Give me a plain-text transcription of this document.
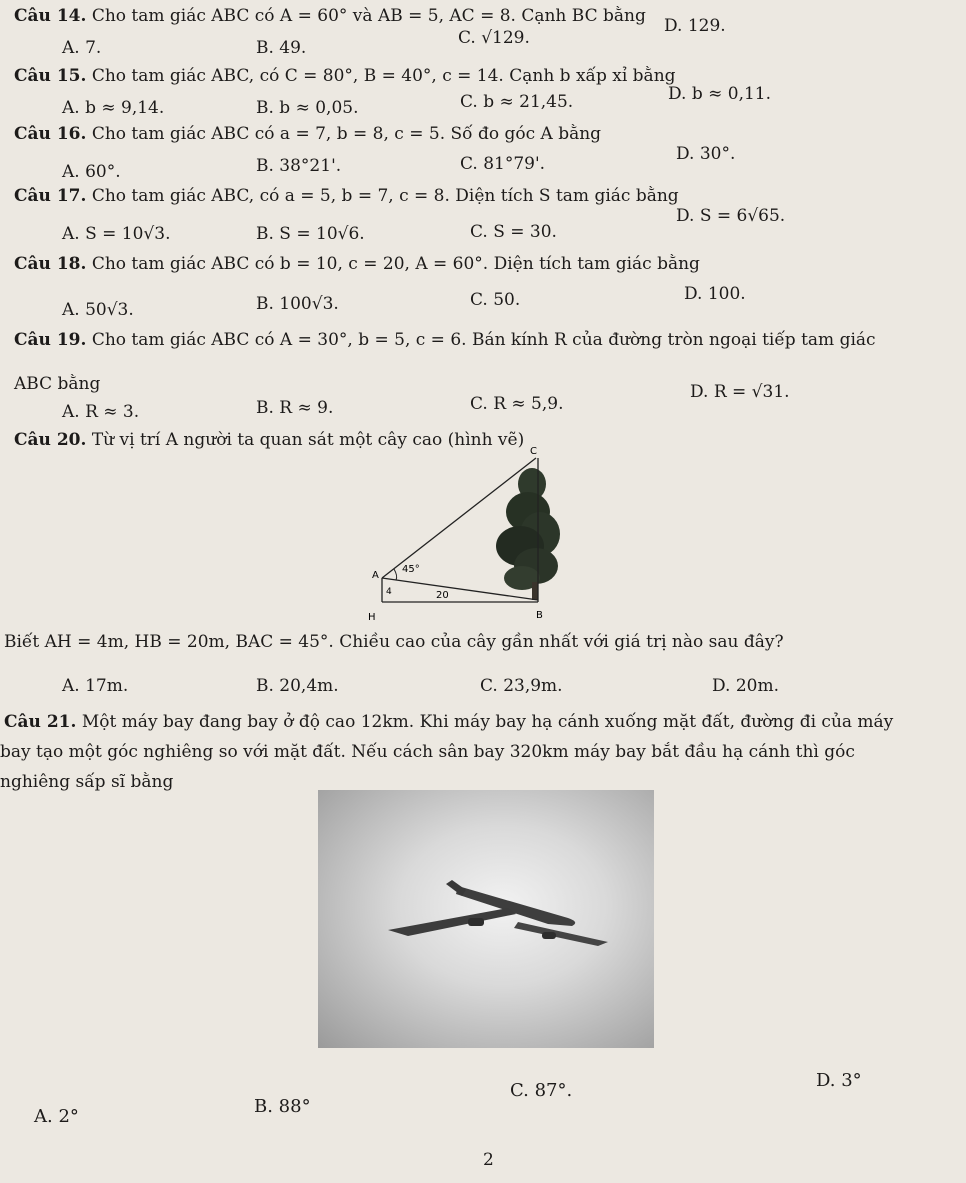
Câu 14. Cho tam giác ABC có A = 60° và AB = 5, AC = 8. Cạnh BC bằng
A. 7.	B. 49.	C. √129.
D. 129.
Câu 15. Cho tam giác ABC, có C = 80°, B = 40°, c = 14. Cạnh b xấp xỉ bằng
A. b ≈ 9,14.	B. b ≈ 0,05.	C. b ≈ 21,45.	D. b ≈ 0,11.
Câu 16. Cho tam giác ABC có a = 7, b = 8, c = 5. Số đo góc A bằng
A. 60°.	B. 38°21'.	C. 81°79'.	D. 30°.
Câu 17. Cho tam giác ABC, có a = 5, b = 7, c = 8. Diện tích S tam giác bằng
A. S = 10√3.	B. S = 10√6.	C. S = 30.
D. S = 6√65.
Câu 18. Cho tam giác ABC có b = 10, c = 20, A = 60°. Diện tích tam giác bằng
A. 50√3.	B. 100√3.	C. 50.	D. 100.
Câu 19. Cho tam giác ABC có A = 30°, b = 5, c = 6. Bán kính R của đường tròn ngoại tiếp tam giác
ABC bằng
A. R ≈ 3.	B. R ≈ 9.	C. R ≈ 5,9.
D. R = √31.
Câu 20. Từ vị trí A người ta quan sát một cây cao (hình vẽ)
C
A
45°
4	20
H	B
Biết AH = 4m, HB = 20m, BAC = 45°. Chiều cao của cây gần nhất với giá trị nào sau đây?
A. 17m.	B. 20,4m.	C. 23,9m.	D. 20m.
Câu 21. Một máy bay đang bay ở độ cao 12km. Khi máy bay hạ cánh xuống mặt đất, đường đi của máy
bay tạo một góc nghiêng so với mặt đất. Nếu cách sân bay 320km máy bay bắt đầu hạ cánh thì góc
nghiêng sấp sĩ bằng
A. 2°	B. 88°
C. 87°.	D. 3°
2
